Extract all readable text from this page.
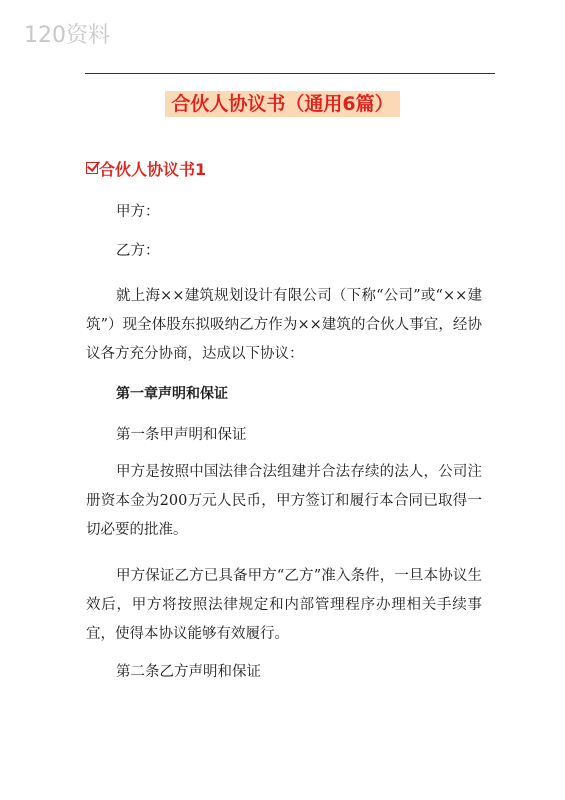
120资料
合伙人协议书（通用6篇）
合伙人协议书1

甲方：

乙方：

就上海××建筑规划设计有限公司（下称“公司”或“××建筑”）现全体股东拟吸纳乙方作为××建筑的合伙人事宜，经协议各方充分协商，达成以下协议：

第一章声明和保证

第一条甲声明和保证

甲方是按照中国法律合法组建并合法存续的法人，公司注册资本金为200万元人民币，甲方签订和履行本合同已取得一切必要的批准。

甲方保证乙方已具备甲方“乙方”准入条件，一旦本协议生效后，甲方将按照法律规定和内部管理程序办理相关手续事宜，使得本协议能够有效履行。

第二条乙方声明和保证
